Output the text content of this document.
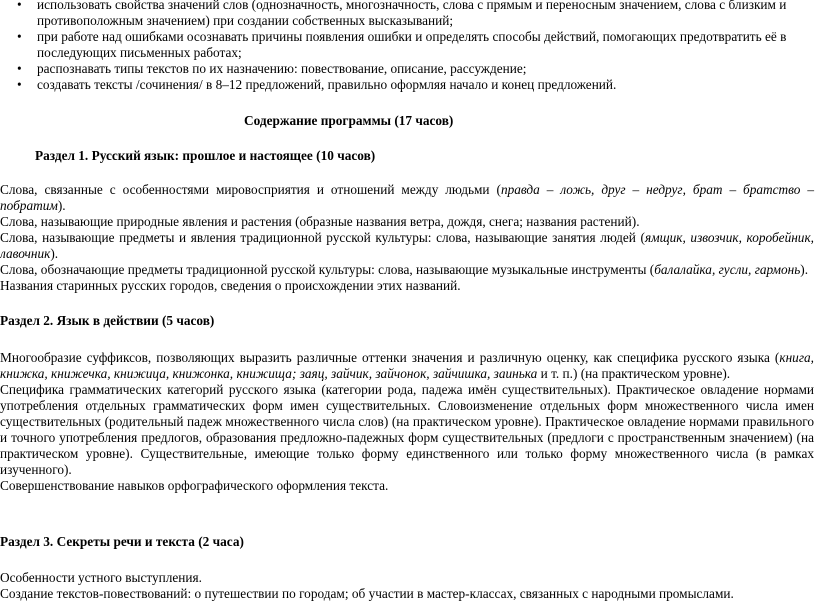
• использовать свойства значений слов (однозначность, многозначность, слова с прямым и переносным значением, слова с близким и противоположным значением) при создании собственных высказываний;
• при работе над ошибками осознавать причины появления ошибки и определять способы действий, помогающих предотвратить её в последующих письменных работах;
• распознавать типы текстов по их назначению: повествование, описание, рассуждение;
• создавать тексты /сочинения/ в 8–12 предложений, правильно оформляя начало и конец предложений.

Содержание программы (17 часов)

Раздел 1. Русский язык: прошлое и настоящее (10 часов)

Слова, связанные с особенностями мировосприятия и отношений между людьми (правда – ложь, друг – недруг, брат – братство – побратим).

Слова, называющие природные явления и растения (образные названия ветра, дождя, снега; названия растений).

Слова, называющие предметы и явления традиционной русской культуры: слова, называющие занятия людей (ямщик, извозчик, коробейник, лавочник).

Слова, обозначающие предметы традиционной русской культуры: слова, называющие музыкальные инструменты (балалайка, гусли, гармонь).

Названия старинных русских городов, сведения о происхождении этих названий.

Раздел 2. Язык в действии (5 часов)

Многообразие суффиксов, позволяющих выразить различные оттенки значения и различную оценку, как специфика русского языка (книга, книжка, книжечка, книжица, книжонка, книжища; заяц, зайчик, зайчонок, зайчишка, заинька и т. п.) (на практическом уровне).

Специфика грамматических категорий русского языка (категории рода, падежа имён существительных). Практическое овладение нормами употребления отдельных грамматических форм имен существительных. Словоизменение отдельных форм множественного числа имен существительных (родительный падеж множественного числа слов) (на практическом уровне). Практическое овладение нормами правильного и точного употребления предлогов, образования предложно-падежных форм существительных (предлоги с пространственным значением) (на практическом уровне). Существительные, имеющие только форму единственного или только форму множественного числа (в рамках изученного).

Совершенствование навыков орфографического оформления текста.

Раздел 3. Секреты речи и текста (2 часа)

Особенности устного выступления.

Создание текстов-повествований: о путешествии по городам; об участии в мастер-классах, связанных с народными промыслами.
